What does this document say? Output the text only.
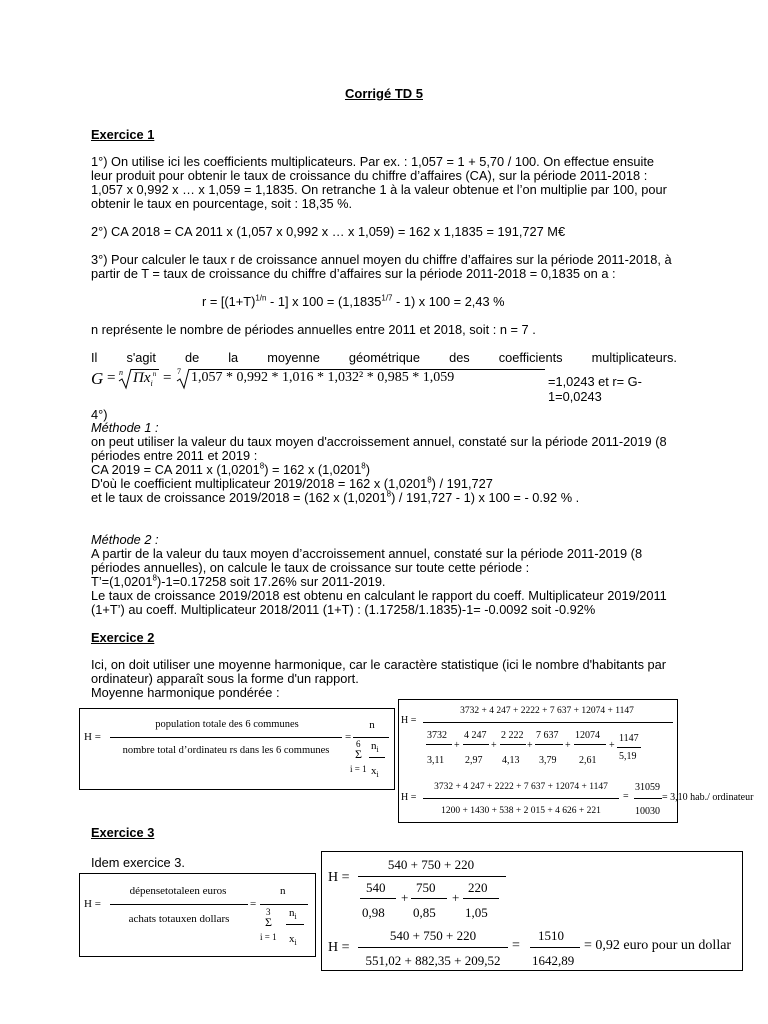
Corrigé TD 5
Exercice 1
1°) On utilise ici les coefficients multiplicateurs. Par ex. : 1,057 = 1 + 5,70 / 100. On effectue ensuite
leur produit pour obtenir le taux de croissance du chiffre d’affaires (CA), sur la période 2011-2018 :
1,057 x 0,992 x … x 1,059 = 1,1835. On retranche 1 à la valeur obtenue et l’on multiplie par 100, pour
obtenir le taux en pourcentage, soit : 18,35 %.
2°) CA 2018 = CA 2011 x (1,057 x 0,992 x … x 1,059) = 162 x 1,1835 = 191,727 M€
3°) Pour calculer le taux r de croissance annuel moyen du chiffre d’affaires sur la période 2011-2018, à
partir de T = taux de croissance du chiffre d’affaires sur la période 2011-2018 = 0,1835 on a :
$r = [(1+T)^{1/n} - 1]$ x $100 = (1,1835^{1/7} - 1)$ x 100 = 2,43 %
n représente le nombre de périodes annuelles entre 2011 et 2018, soit : n = 7 .
Il s'agit de la moyenne géométrique des coefficients multiplicateurs.
G = n $\Pi x_i^n = 7$ 1,057 * 0,992 * 1,016 * 1,032² * 0,985 * 1,059	=1,0243 et r= G-1=0,0243
4°)
Méthode 1 :
on peut utiliser la valeur du taux moyen d'accroissement annuel, constaté sur la période 2011-2019 (8
périodes entre 2011 et 2019 :
CA 2019 = CA 2011 x $(1,0201^8) = 162$ x (1,0201$^8$)
D'où le coefficient multiplicateur 2019/2018 = 162 x (1,0201$^8$) / 191,727
et le taux de croissance 2019/2018 = (162 x (1,0201$^8$) / 191,727 - 1) x 100 = - 0.92 % .
Méthode 2 :
A partir de la valeur du taux moyen d’accroissement annuel, constaté sur la période 2011-2019 (8
périodes annuelles), on calcule le taux de croissance sur toute cette période :
$T’=(1,0201^8)-1=0.17258$ soit 17.26% sur 2011-2019.
Le taux de croissance 2019/2018 est obtenu en calculant le rapport du coeff. Multiplicateur 2019/2011
(1+T’) au coeff. Multiplicateur 2018/2011 (1+T) : (1.17258/1.1835)-1= -0.0092 soit -0.92%
Exercice 2
Ici, on doit utiliser une moyenne harmonique, car le caractère statistique (ici le nombre d'habitants par
ordinateur) apparaît sous la forme d'un rapport.
Moyenne harmonique pondérée :
H =
population totale des 6 communes
nombre total d’ordinateu rs dans les 6 communes
=
n
6
Σ
i = 1
$n_i$
$x_i$
H =
3732 + 4 247 + 2222 + 7 637 + 12074 + 1147
3732
3,11
+
4 247
2,97
+
2 222
4,13
+
7 637
3,79
+
12074
2,61
+
1147
5,19
H =
3732 + 4 247 + 2222 + 7 637 + 12074 + 1147
1200 + 1430 + 538 + 2 015 + 4 626 + 221
=
31059
10030
= 3,10 hab./ ordinateur
Exercice 3
Idem exercice 3.
H =
dépensetotaleen euros
achats totauxen dollars
=
n
3
Σ
i = 1
$n_i$
$x_i$
H =
540 + 750 + 220
540
0,98
+
750
0,85
+
220
1,05
H =
540 + 750 + 220
551,02 + 882,35 + 209,52
=
1510
1642,89
= 0,92 euro pour un dollar
